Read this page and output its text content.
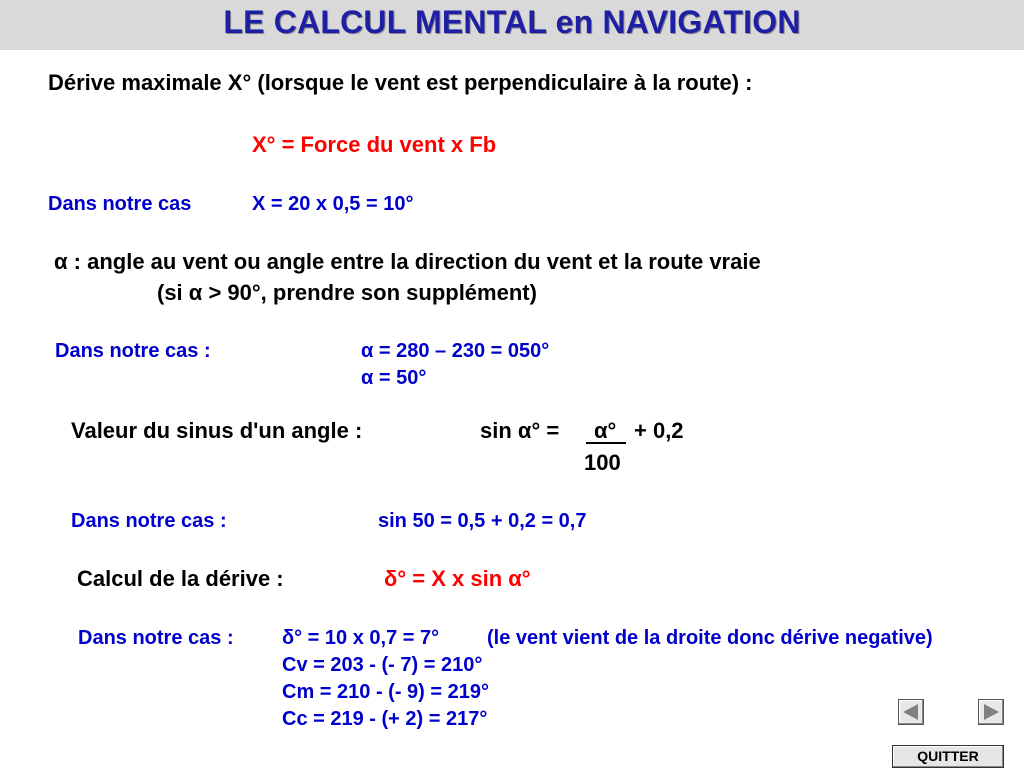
LE CALCUL MENTAL en NAVIGATION
Dérive maximale X° (lorsque le vent est perpendiculaire à la route) :
X° = Force du vent x Fb
Dans notre cas	X = 20 x 0,5 = 10°
α : angle au vent ou angle entre la direction du vent et la route vraie
(si α > 90°, prendre son supplément)
Dans notre cas :	α = 280 – 230 = 050°
α = 50°
Valeur du sinus d'un angle :	sin α° = α° + 0,2
100
Dans notre cas :	sin 50 = 0,5 + 0,2 = 0,7
Calcul de la dérive :	δ° = X x sin α°
Dans notre cas : δ° = 10 x 0,7 = 7° (le vent vient de la droite donc dérive negative)
Cv = 203 - (- 7) = 210°
Cm = 210 - (- 9) = 219°
Cc = 219 - (+ 2) = 217°
QUITTER
